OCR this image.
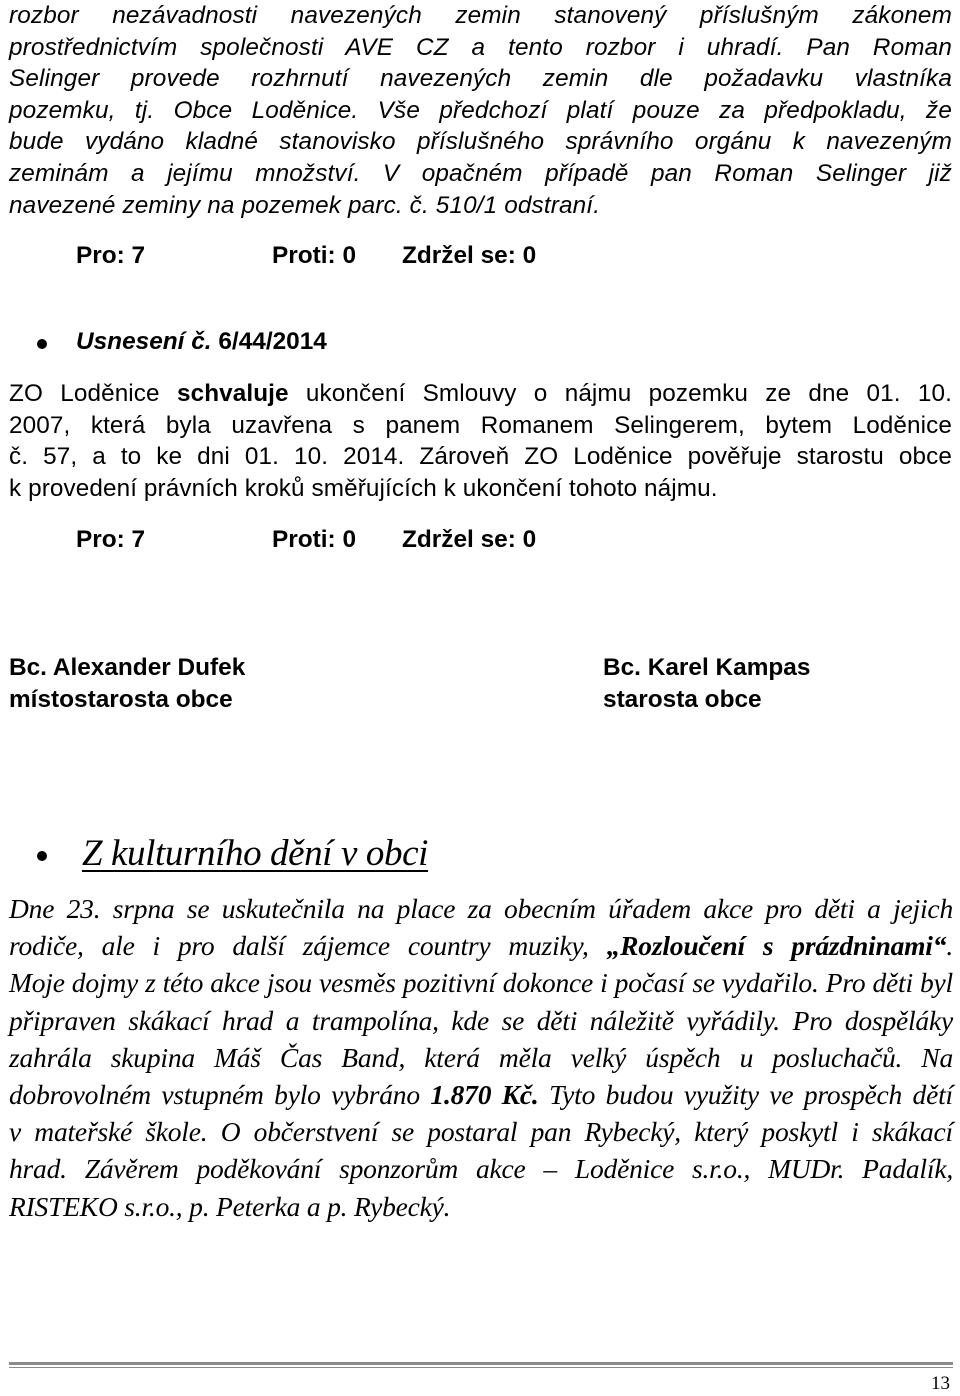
rozbor nezávadnosti navezených zemin stanovený příslušným zákonem
prostřednictvím společnosti AVE CZ a tento rozbor i uhradí. Pan Roman
Selinger provede rozhrnutí navezených zemin dle požadavku vlastníka
pozemku, tj. Obce Loděnice. Vše předchozí platí pouze za předpokladu, že
bude vydáno kladné stanovisko příslušného správního orgánu k navezeným
zeminám a jejímu množství. V opačném případě pan Roman Selinger již
navezené zeminy na pozemek parc. č. 510/1 odstraní.
Pro: 7	Proti: 0 Zdržel se: 0
Usnesení č. 6/44/2014
ZO Loděnice schvaluje ukončení Smlouvy o nájmu pozemku ze dne 01. 10.
2007, která byla uzavřena s panem Romanem Selingerem, bytem Loděnice
č. 57, a to ke dni 01. 10. 2014. Zároveň ZO Loděnice pověřuje starostu obce
k provedení právních kroků směřujících k ukončení tohoto nájmu.
Pro: 7	Proti: 0 Zdržel se: 0
Bc. Alexander Dufek
místostarosta obce
Bc. Karel Kampas
starosta obce
Z kulturního dění v obci
Dne 23. srpna se uskutečnila na place za obecním úřadem akce pro děti a jejich
rodiče, ale i pro další zájemce country muziky, „Rozloučení s prázdninami“.
Moje dojmy z této akce jsou vesměs pozitivní dokonce i počasí se vydařilo. Pro děti byl
připraven skákací hrad a trampolína, kde se děti náležitě vyřádily. Pro dospěláky
zahrála skupina Máš Čas Band, která měla velký úspěch u posluchačů. Na
dobrovolném vstupném bylo vybráno 1.870 Kč. Tyto budou využity ve prospěch dětí
v mateřské škole. O občerstvení se postaral pan Rybecký, který poskytl i skákací
hrad. Závěrem poděkování sponzorům akce – Loděnice s.r.o., MUDr. Padalík,
RISTEKO s.r.o., p. Peterka a p. Rybecký.
13
